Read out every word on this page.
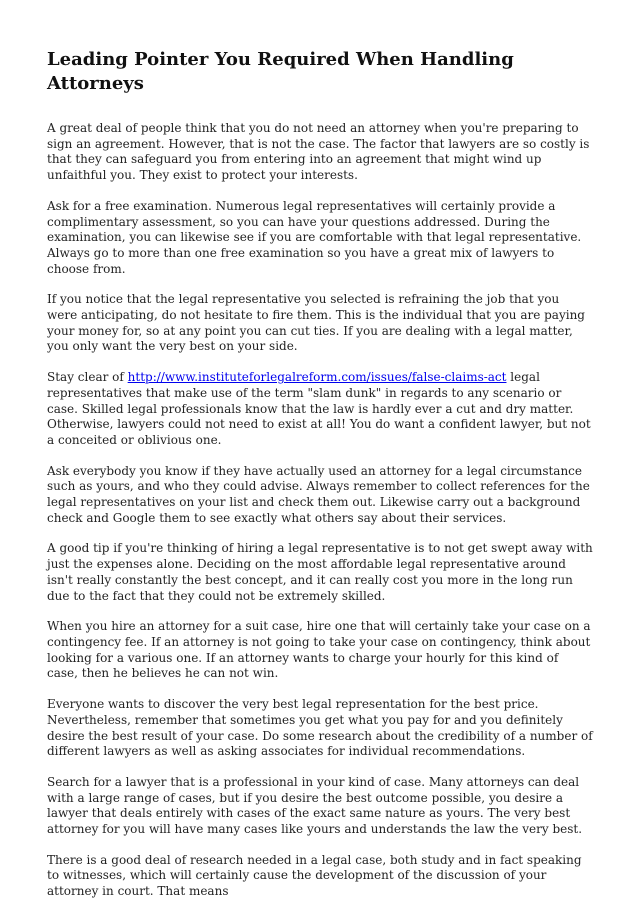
Leading Pointer You Required When Handling Attorneys

A great deal of people think that you do not need an attorney when you're preparing to sign an agreement. However, that is not the case. The factor that lawyers are so costly is that they can safeguard you from entering into an agreement that might wind up unfaithful you. They exist to protect your interests.

Ask for a free examination. Numerous legal representatives will certainly provide a complimentary assessment, so you can have your questions addressed. During the examination, you can likewise see if you are comfortable with that legal representative. Always go to more than one free examination so you have a great mix of lawyers to choose from.

If you notice that the legal representative you selected is refraining the job that you were anticipating, do not hesitate to fire them. This is the individual that you are paying your money for, so at any point you can cut ties. If you are dealing with a legal matter, you only want the very best on your side.

Stay clear of http://www.instituteforlegalreform.com/issues/false-claims-act legal representatives that make use of the term "slam dunk" in regards to any scenario or case. Skilled legal professionals know that the law is hardly ever a cut and dry matter. Otherwise, lawyers could not need to exist at all! You do want a confident lawyer, but not a conceited or oblivious one.

Ask everybody you know if they have actually used an attorney for a legal circumstance such as yours, and who they could advise. Always remember to collect references for the legal representatives on your list and check them out. Likewise carry out a background check and Google them to see exactly what others say about their services.

A good tip if you're thinking of hiring a legal representative is to not get swept away with just the expenses alone. Deciding on the most affordable legal representative around isn't really constantly the best concept, and it can really cost you more in the long run due to the fact that they could not be extremely skilled.

When you hire an attorney for a suit case, hire one that will certainly take your case on a contingency fee. If an attorney is not going to take your case on contingency, think about looking for a various one. If an attorney wants to charge your hourly for this kind of case, then he believes he can not win.

Everyone wants to discover the very best legal representation for the best price. Nevertheless, remember that sometimes you get what you pay for and you definitely desire the best result of your case. Do some research about the credibility of a number of different lawyers as well as asking associates for individual recommendations.

Search for a lawyer that is a professional in your kind of case. Many attorneys can deal with a large range of cases, but if you desire the best outcome possible, you desire a lawyer that deals entirely with cases of the exact same nature as yours. The very best attorney for you will have many cases like yours and understands the law the very best.

There is a good deal of research needed in a legal case, both study and in fact speaking to witnesses, which will certainly cause the development of the discussion of your attorney in court. That means
